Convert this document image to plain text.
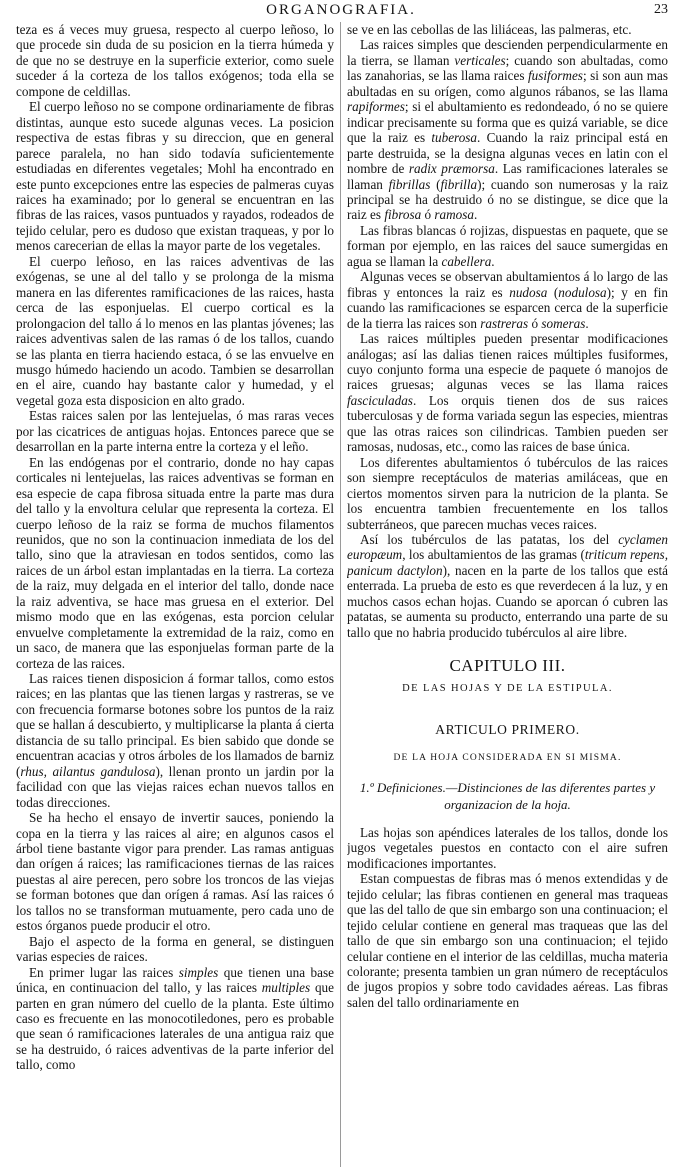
ORGANOGRAFIA.	23

teza es á veces muy gruesa, respecto al cuerpo leñoso, lo que procede sin duda de su posicion en la tierra húmeda y de que no se destruye en la superficie exterior, como suele suceder á la corteza de los tallos exógenos; toda ella se compone de celdillas.

El cuerpo leñoso no se compone ordinariamente de fibras distintas, aunque esto sucede algunas veces. La posicion respectiva de estas fibras y su direccion, que en general parece paralela, no han sido todavía suficientemente estudiadas en diferentes vegetales; Mohl ha encontrado en este punto excepciones entre las especies de palmeras cuyas raices ha examinado; por lo general se encuentran en las fibras de las raices, vasos puntuados y rayados, rodeados de tejido celular, pero es dudoso que existan traqueas, y por lo menos carecerian de ellas la mayor parte de los vegetales.

El cuerpo leñoso, en las raices adventivas de las exógenas, se une al del tallo y se prolonga de la misma manera en las diferentes ramificaciones de las raices, hasta cerca de las esponjuelas. El cuerpo cortical es la prolongacion del tallo á lo menos en las plantas jóvenes; las raices adventivas salen de las ramas ó de los tallos, cuando se las planta en tierra haciendo estaca, ó se las envuelve en musgo húmedo haciendo un acodo. Tambien se desarrollan en el aire, cuando hay bastante calor y humedad, y el vegetal goza esta disposicion en alto grado.

Estas raices salen por las lentejuelas, ó mas raras veces por las cicatrices de antiguas hojas. Entonces parece que se desarrollan en la parte interna entre la corteza y el leño.

En las endógenas por el contrario, donde no hay capas corticales ni lentejuelas, las raices adventivas se forman en esa especie de capa fibrosa situada entre la parte mas dura del tallo y la envoltura celular que representa la corteza. El cuerpo leñoso de la raiz se forma de muchos filamentos reunidos, que no son la continuacion inmediata de los del tallo, sino que la atraviesan en todos sentidos, como las raices de un árbol estan implantadas en la tierra. La corteza de la raiz, muy delgada en el interior del tallo, donde nace la raiz adventiva, se hace mas gruesa en el exterior. Del mismo modo que en las exógenas, esta porcion celular envuelve completamente la extremidad de la raiz, como en un saco, de manera que las esponjuelas forman parte de la corteza de las raices.

Las raices tienen disposicion á formar tallos, como estos raices; en las plantas que las tienen largas y rastreras, se ve con frecuencia formarse botones sobre los puntos de la raiz que se hallan á descubierto, y multiplicarse la planta á cierta distancia de su tallo principal. Es bien sabido que donde se encuentran acacias y otros árboles de los llamados de barniz (rhus, ailantus gandulosa), llenan pronto un jardin por la facilidad con que las viejas raices echan nuevos tallos en todas direcciones.

Se ha hecho el ensayo de invertir sauces, poniendo la copa en la tierra y las raices al aire; en algunos casos el árbol tiene bastante vigor para prender. Las ramas antiguas dan orígen á raices; las ramificaciones tiernas de las raices puestas al aire perecen, pero sobre los troncos de las viejas se forman botones que dan orígen á ramas. Así las raices ó los tallos no se transforman mutuamente, pero cada uno de estos órganos puede producir el otro.

Bajo el aspecto de la forma en general, se distinguen varias especies de raices.

En primer lugar las raices simples que tienen una base única, en continuacion del tallo, y las raices multiples que parten en gran número del cuello de la planta. Este último caso es frecuente en las monocotiledones, pero es probable que sean ó ramificaciones laterales de una antigua raiz que se ha destruido, ó raices adventivas de la parte inferior del tallo, como

se ve en las cebollas de las liliáceas, las palmeras, etc.

Las raices simples que descienden perpendicularmente en la tierra, se llaman verticales; cuando son abultadas, como las zanahorias, se las llama raices fusiformes; si son aun mas abultadas en su orígen, como algunos rábanos, se las llama rapiformes; si el abultamiento es redondeado, ó no se quiere indicar precisamente su forma que es quizá variable, se dice que la raiz es tuberosa. Cuando la raiz principal está en parte destruida, se la designa algunas veces en latin con el nombre de radix præmorsa. Las ramificaciones laterales se llaman fibrillas (fibrilla); cuando son numerosas y la raiz principal se ha destruido ó no se distingue, se dice que la raiz es fibrosa ó ramosa.

Las fibras blancas ó rojizas, dispuestas en paquete, que se forman por ejemplo, en las raices del sauce sumergidas en agua se llaman la cabellera.

Algunas veces se observan abultamientos á lo largo de las fibras y entonces la raiz es nudosa (nodulosa); y en fin cuando las ramificaciones se esparcen cerca de la superficie de la tierra las raices son rastreras ó someras.

Las raices múltiples pueden presentar modificaciones análogas; así las dalias tienen raices múltiples fusiformes, cuyo conjunto forma una especie de paquete ó manojos de raices gruesas; algunas veces se las llama raices fasciculadas. Los orquis tienen dos de sus raices tuberculosas y de forma variada segun las especies, mientras que las otras raices son cilindricas. Tambien pueden ser ramosas, nudosas, etc., como las raices de base única.

Los diferentes abultamientos ó tubérculos de las raices son siempre receptáculos de materias amiláceas, que en ciertos momentos sirven para la nutricion de la planta. Se los encuentra tambien frecuentemente en los tallos subterráneos, que parecen muchas veces raices.

Así los tubérculos de las patatas, los del cyclamen europæum, los abultamientos de las gramas (triticum repens, panicum dactylon), nacen en la parte de los tallos que está enterrada. La prueba de esto es que reverdecen á la luz, y en muchos casos echan hojas. Cuando se aporcan ó cubren las patatas, se aumenta su producto, enterrando una parte de su tallo que no habria producido tubérculos al aire libre.

CAPITULO III.
DE LAS HOJAS Y DE LA ESTIPULA.
ARTICULO PRIMERO.
DE LA HOJA CONSIDERADA EN SI MISMA.
1.º Definiciones.—Distinciones de las diferentes partes y organizacion de la hoja.

Las hojas son apéndices laterales de los tallos, donde los jugos vegetales puestos en contacto con el aire sufren modificaciones importantes.

Estan compuestas de fibras mas ó menos extendidas y de tejido celular; las fibras contienen en general mas traqueas que las del tallo de que sin embargo son una continuacion; el tejido celular contiene en general mas traqueas que las del tallo de que sin embargo son una continuacion; el tejido celular contiene en el interior de las celdillas, mucha materia colorante; presenta tambien un gran número de receptáculos de jugos propios y sobre todo cavidades aéreas. Las fibras salen del tallo ordinariamente en
